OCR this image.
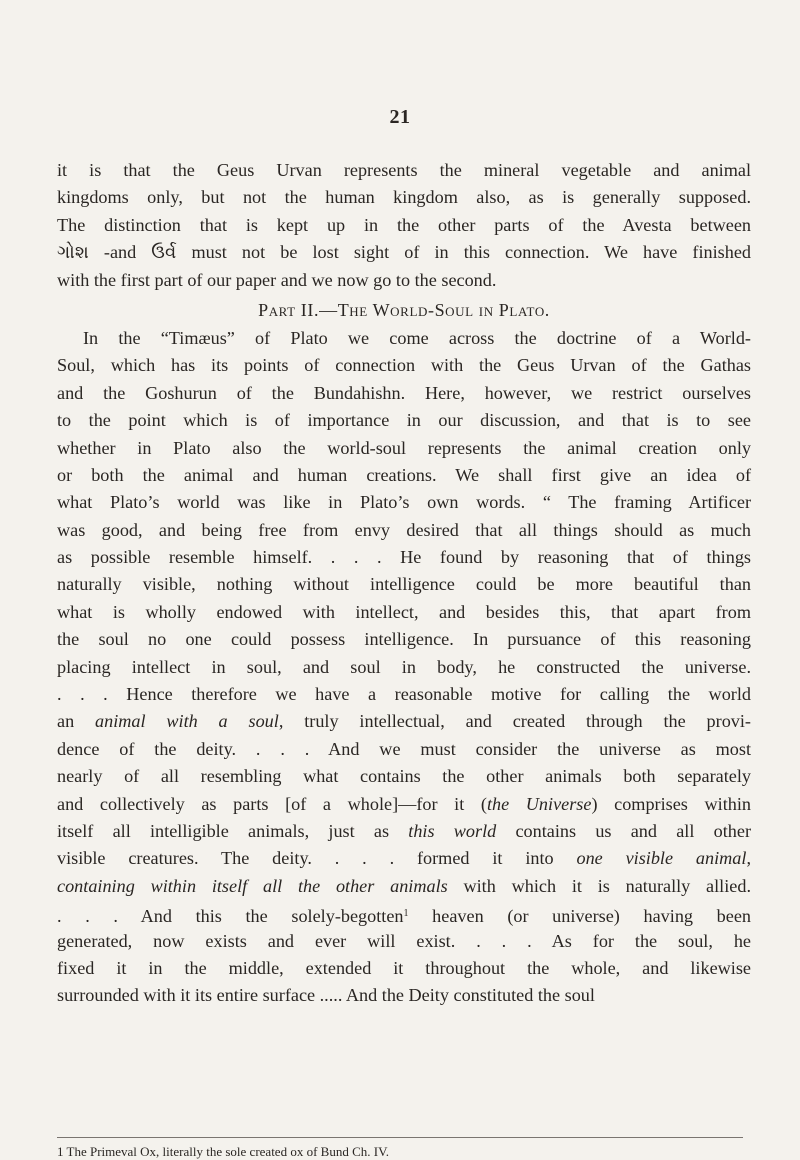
21
it is that the Geus Urvan represents the mineral vegetable and animal
kingdoms only, but not the human kingdom also, as is generally supposed.
The distinction that is kept up in the other parts of the Avesta between
ગોશ -and ઉર્વ must not be lost sight of in this connection. We have finished
with the first part of our paper and we now go to the second.
Part II.—The World-Soul in Plato.
In the “Timæus” of Plato we come across the doctrine of a World-
Soul, which has its points of connection with the Geus Urvan of the Gathas
and the Goshurun of the Bundahishn. Here, however, we restrict ourselves
to the point which is of importance in our discussion, and that is to see
whether in Plato also the world-soul represents the animal creation only
or both the animal and human creations. We shall first give an idea of
what Plato’s world was like in Plato’s own words. “ The framing Artificer
was good, and being free from envy desired that all things should as much
as possible resemble himself. . . . He found by reasoning that of things
naturally visible, nothing without intelligence could be more beautiful than
what is wholly endowed with intellect, and besides this, that apart from
the soul no one could possess intelligence. In pursuance of this reasoning
placing intellect in soul, and soul in body, he constructed the universe.
. . . Hence therefore we have a reasonable motive for calling the world
an animal with a soul, truly intellectual, and created through the provi-
dence of the deity. . . . And we must consider the universe as most
nearly of all resembling what contains the other animals both separately
and collectively as parts [of a whole]—for it (the Universe) comprises within
itself all intelligible animals, just as this world contains us and all other
visible creatures. The deity. . . . formed it into one visible animal,
containing within itself all the other animals with which it is naturally allied.
. . . And this the solely-begotten$^1$ heaven (or universe) having been
generated, now exists and ever will exist. . . . As for the soul, he
fixed it in the middle, extended it throughout the whole, and likewise
surrounded with it its entire surface ..... And the Deity constituted the soul
1 The Primeval Ox, literally the sole created ox of Bund Ch. IV.
